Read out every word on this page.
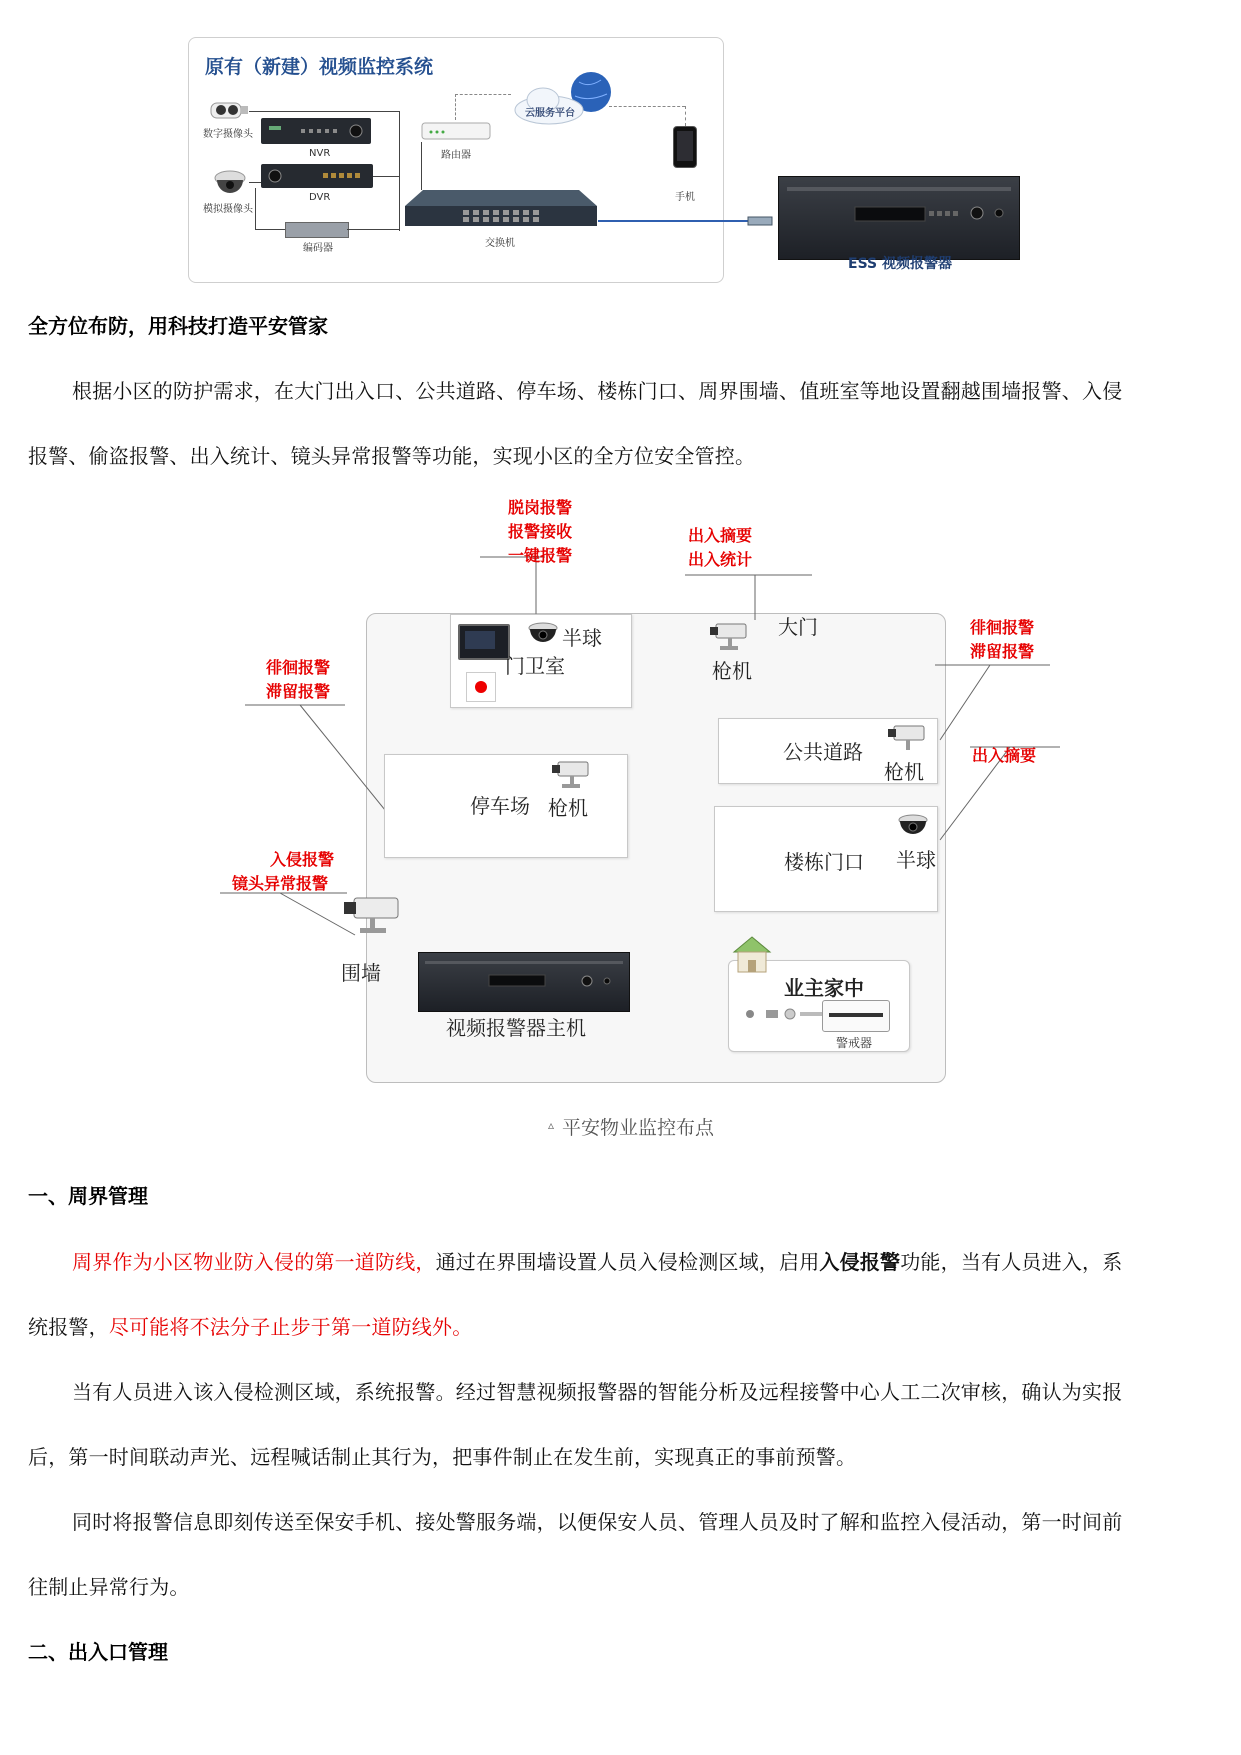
原有（新建）视频监控系统
数字摄像头
模拟摄像头
NVR
DVR
编码器
路由器
云服务平台
手机
交换机
ESS 视频报警器
全方位布防，用科技打造平安管家
根据小区的防护需求，在大门出入口、公共道路、停车场、楼栋门口、周界围墙、值班室等地设置翻越围墙报警、入侵
报警、偷盗报警、出入统计、镜头异常报警等功能，实现小区的全方位安全管控。
脱岗报警
报警接收
一键报警
出入摘要
出入统计
徘徊报警
滞留报警
徘徊报警
滞留报警
出入摘要
入侵报警
镜头异常报警
半球
门卫室
大门
枪机
公共道路
枪机
停车场 枪机
楼栋门口 半球
围墙
视频报警器主机
业主家中
警戒器
▵ 平安物业监控布点
一、周界管理
周界作为小区物业防入侵的第一道防线，通过在界围墙设置人员入侵检测区域，启用入侵报警功能，当有人员进入，系
统报警，尽可能将不法分子止步于第一道防线外。
当有人员进入该入侵检测区域，系统报警。经过智慧视频报警器的智能分析及远程接警中心人工二次审核，确认为实报
后，第一时间联动声光、远程喊话制止其行为，把事件制止在发生前，实现真正的事前预警。
同时将报警信息即刻传送至保安手机、接处警服务端，以便保安人员、管理人员及时了解和监控入侵活动，第一时间前
往制止异常行为。
二、出入口管理
